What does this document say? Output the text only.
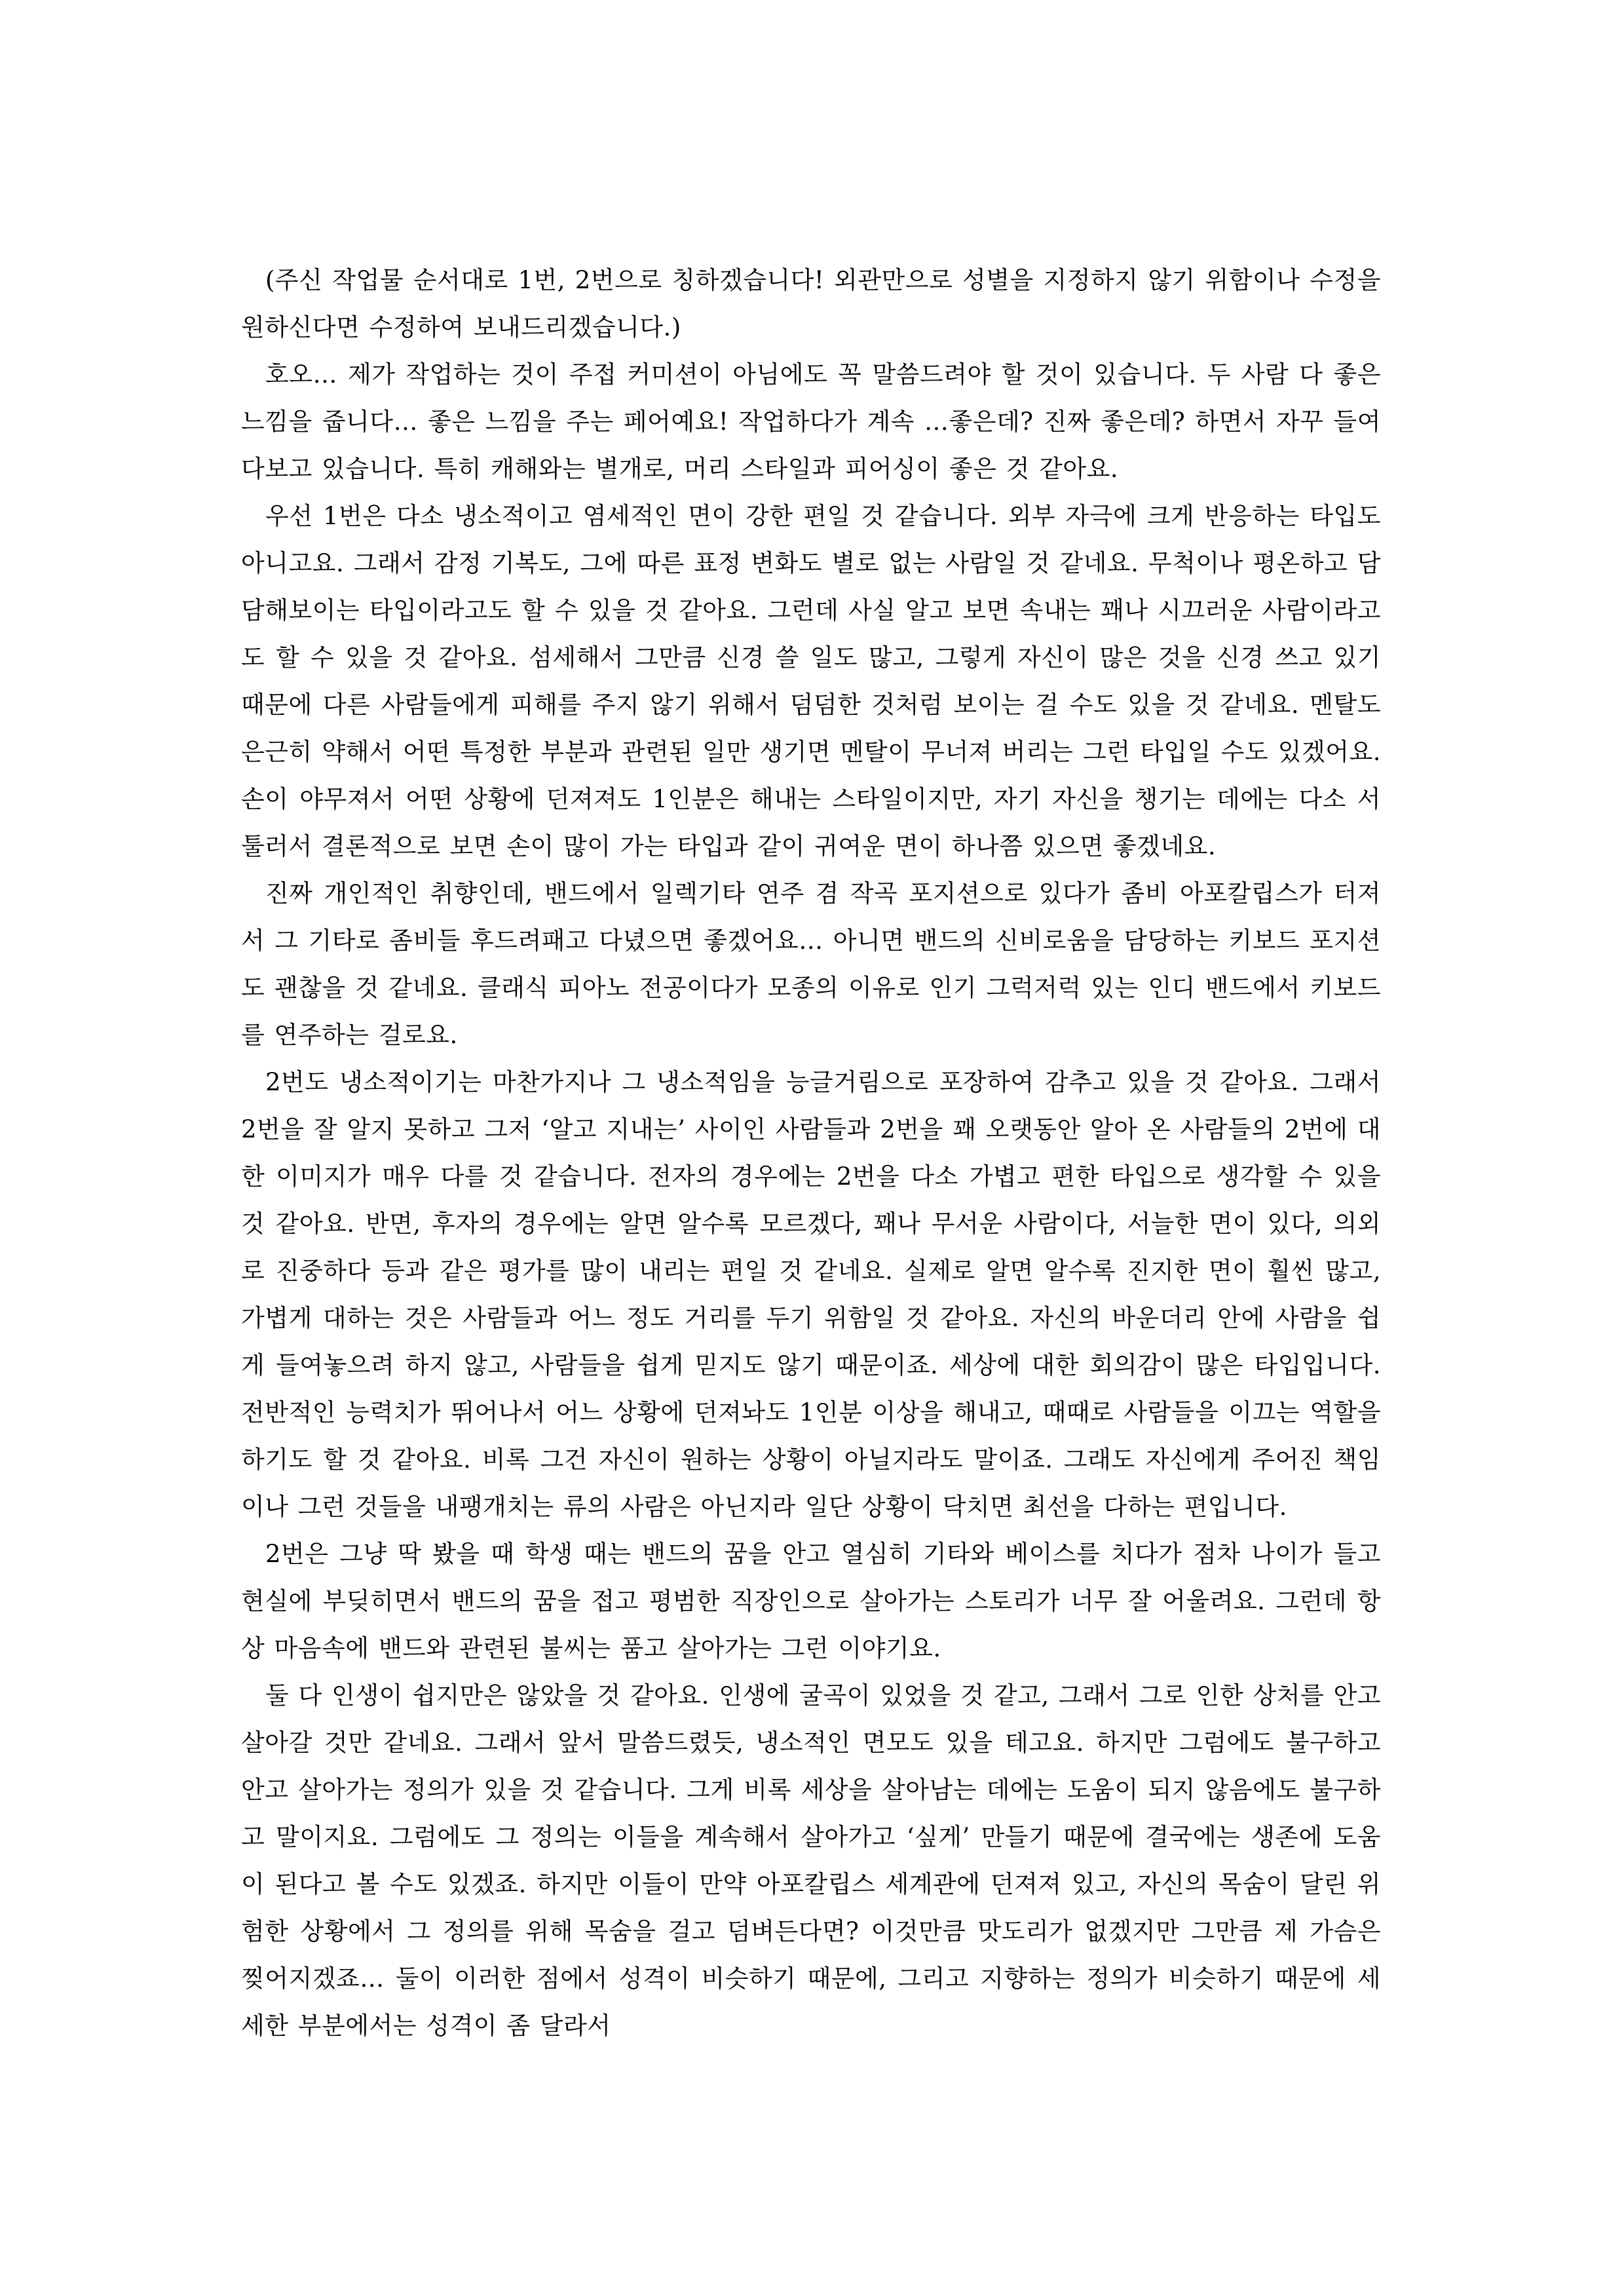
(주신 작업물 순서대로 1번, 2번으로 칭하겠습니다! 외관만으로 성별을 지정하지 않기 위함이나 수정을 원하신다면 수정하여 보내드리겠습니다.)

호오… 제가 작업하는 것이 주접 커미션이 아님에도 꼭 말씀드려야 할 것이 있습니다. 두 사람 다 좋은 느낌을 줍니다… 좋은 느낌을 주는 페어예요! 작업하다가 계속 …좋은데? 진짜 좋은데? 하면서 자꾸 들여다보고 있습니다. 특히 캐해와는 별개로, 머리 스타일과 피어싱이 좋은 것 같아요.

우선 1번은 다소 냉소적이고 염세적인 면이 강한 편일 것 같습니다. 외부 자극에 크게 반응하는 타입도 아니고요. 그래서 감정 기복도, 그에 따른 표정 변화도 별로 없는 사람일 것 같네요. 무척이나 평온하고 담담해보이는 타입이라고도 할 수 있을 것 같아요. 그런데 사실 알고 보면 속내는 꽤나 시끄러운 사람이라고도 할 수 있을 것 같아요. 섬세해서 그만큼 신경 쓸 일도 많고, 그렇게 자신이 많은 것을 신경 쓰고 있기 때문에 다른 사람들에게 피해를 주지 않기 위해서 덤덤한 것처럼 보이는 걸 수도 있을 것 같네요. 멘탈도 은근히 약해서 어떤 특정한 부분과 관련된 일만 생기면 멘탈이 무너져 버리는 그런 타입일 수도 있겠어요. 손이 야무져서 어떤 상황에 던져져도 1인분은 해내는 스타일이지만, 자기 자신을 챙기는 데에는 다소 서툴러서 결론적으로 보면 손이 많이 가는 타입과 같이 귀여운 면이 하나쯤 있으면 좋겠네요.

진짜 개인적인 취향인데, 밴드에서 일렉기타 연주 겸 작곡 포지션으로 있다가 좀비 아포칼립스가 터져서 그 기타로 좀비들 후드려패고 다녔으면 좋겠어요… 아니면 밴드의 신비로움을 담당하는 키보드 포지션도 괜찮을 것 같네요. 클래식 피아노 전공이다가 모종의 이유로 인기 그럭저럭 있는 인디 밴드에서 키보드를 연주하는 걸로요.

2번도 냉소적이기는 마찬가지나 그 냉소적임을 능글거림으로 포장하여 감추고 있을 것 같아요. 그래서 2번을 잘 알지 못하고 그저 ‘알고 지내는’ 사이인 사람들과 2번을 꽤 오랫동안 알아 온 사람들의 2번에 대한 이미지가 매우 다를 것 같습니다. 전자의 경우에는 2번을 다소 가볍고 편한 타입으로 생각할 수 있을 것 같아요. 반면, 후자의 경우에는 알면 알수록 모르겠다, 꽤나 무서운 사람이다, 서늘한 면이 있다, 의외로 진중하다 등과 같은 평가를 많이 내리는 편일 것 같네요. 실제로 알면 알수록 진지한 면이 훨씬 많고, 가볍게 대하는 것은 사람들과 어느 정도 거리를 두기 위함일 것 같아요. 자신의 바운더리 안에 사람을 쉽게 들여놓으려 하지 않고, 사람들을 쉽게 믿지도 않기 때문이죠. 세상에 대한 회의감이 많은 타입입니다. 전반적인 능력치가 뛰어나서 어느 상황에 던져놔도 1인분 이상을 해내고, 때때로 사람들을 이끄는 역할을 하기도 할 것 같아요. 비록 그건 자신이 원하는 상황이 아닐지라도 말이죠. 그래도 자신에게 주어진 책임이나 그런 것들을 내팽개치는 류의 사람은 아닌지라 일단 상황이 닥치면 최선을 다하는 편입니다.

2번은 그냥 딱 봤을 때 학생 때는 밴드의 꿈을 안고 열심히 기타와 베이스를 치다가 점차 나이가 들고 현실에 부딪히면서 밴드의 꿈을 접고 평범한 직장인으로 살아가는 스토리가 너무 잘 어울려요. 그런데 항상 마음속에 밴드와 관련된 불씨는 품고 살아가는 그런 이야기요.

둘 다 인생이 쉽지만은 않았을 것 같아요. 인생에 굴곡이 있었을 것 같고, 그래서 그로 인한 상처를 안고 살아갈 것만 같네요. 그래서 앞서 말씀드렸듯, 냉소적인 면모도 있을 테고요. 하지만 그럼에도 불구하고 안고 살아가는 정의가 있을 것 같습니다. 그게 비록 세상을 살아남는 데에는 도움이 되지 않음에도 불구하고 말이지요. 그럼에도 그 정의는 이들을 계속해서 살아가고 ‘싶게’ 만들기 때문에 결국에는 생존에 도움이 된다고 볼 수도 있겠죠. 하지만 이들이 만약 아포칼립스 세계관에 던져져 있고, 자신의 목숨이 달린 위험한 상황에서 그 정의를 위해 목숨을 걸고 덤벼든다면? 이것만큼 맛도리가 없겠지만 그만큼 제 가슴은 찢어지겠죠… 둘이 이러한 점에서 성격이 비슷하기 때문에, 그리고 지향하는 정의가 비슷하기 때문에 세세한 부분에서는 성격이 좀 달라서
